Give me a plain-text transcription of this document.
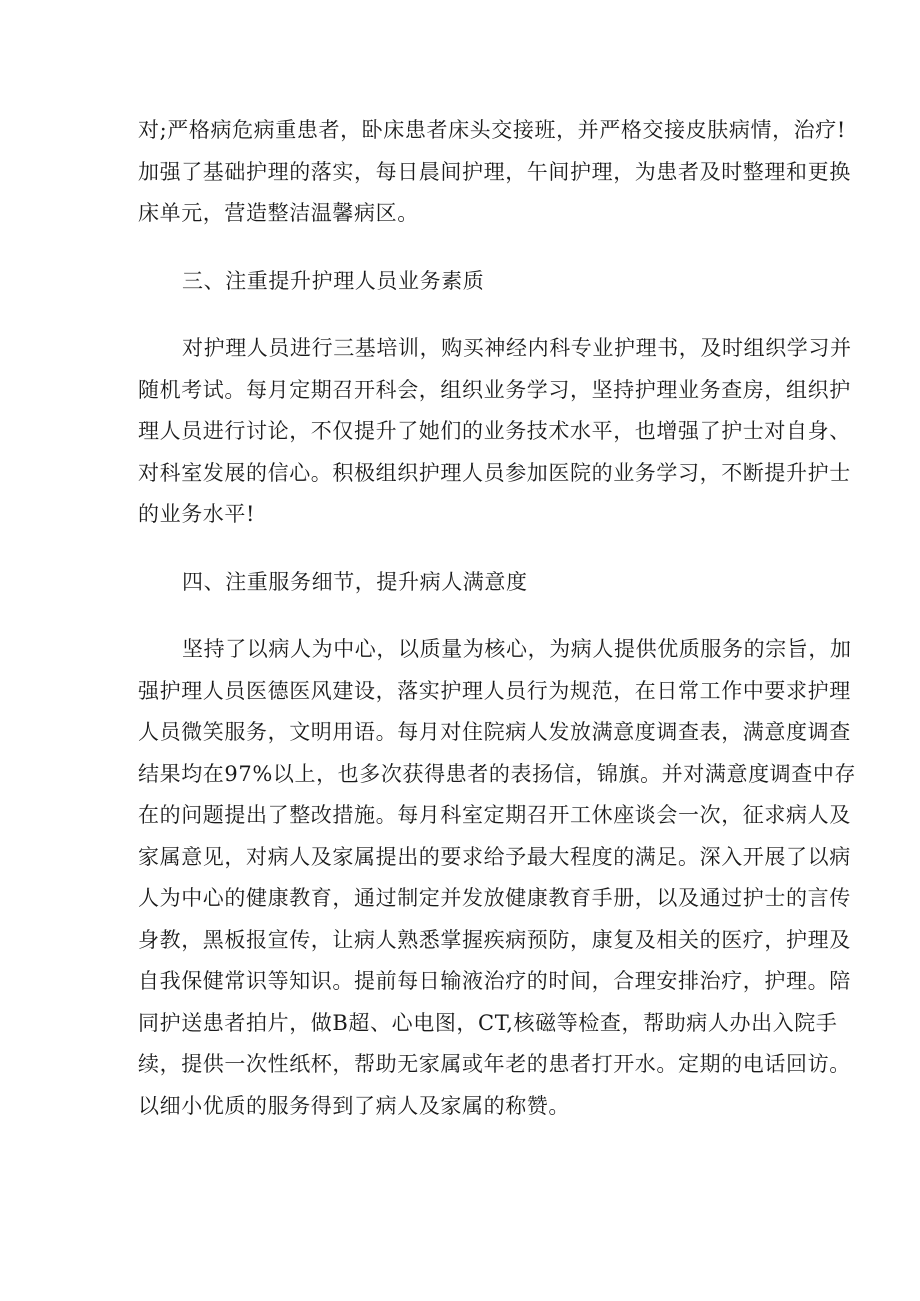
对;严格病危病重患者，卧床患者床头交接班，并严格交接皮肤病情，治疗!
加强了基础护理的落实，每日晨间护理，午间护理，为患者及时整理和更换
床单元，营造整洁温馨病区。
三、注重提升护理人员业务素质
对护理人员进行三基培训，购买神经内科专业护理书，及时组织学习并
随机考试。每月定期召开科会，组织业务学习，坚持护理业务查房，组织护
理人员进行讨论，不仅提升了她们的业务技术水平，也增强了护士对自身、
对科室发展的信心。积极组织护理人员参加医院的业务学习，不断提升护士
的业务水平!
四、注重服务细节，提升病人满意度
坚持了以病人为中心，以质量为核心，为病人提供优质服务的宗旨，加
强护理人员医德医风建设，落实护理人员行为规范，在日常工作中要求护理
人员微笑服务，文明用语。每月对住院病人发放满意度调查表，满意度调查
结果均在97%以上，也多次获得患者的表扬信，锦旗。并对满意度调查中存
在的问题提出了整改措施。每月科室定期召开工休座谈会一次，征求病人及
家属意见，对病人及家属提出的要求给予最大程度的满足。深入开展了以病
人为中心的健康教育，通过制定并发放健康教育手册，以及通过护士的言传
身教，黑板报宣传，让病人熟悉掌握疾病预防，康复及相关的医疗，护理及
自我保健常识等知识。提前每日输液治疗的时间，合理安排治疗，护理。陪
同护送患者拍片，做B超、心电图，CT,核磁等检查，帮助病人办出入院手
续，提供一次性纸杯，帮助无家属或年老的患者打开水。定期的电话回访。
以细小优质的服务得到了病人及家属的称赞。
